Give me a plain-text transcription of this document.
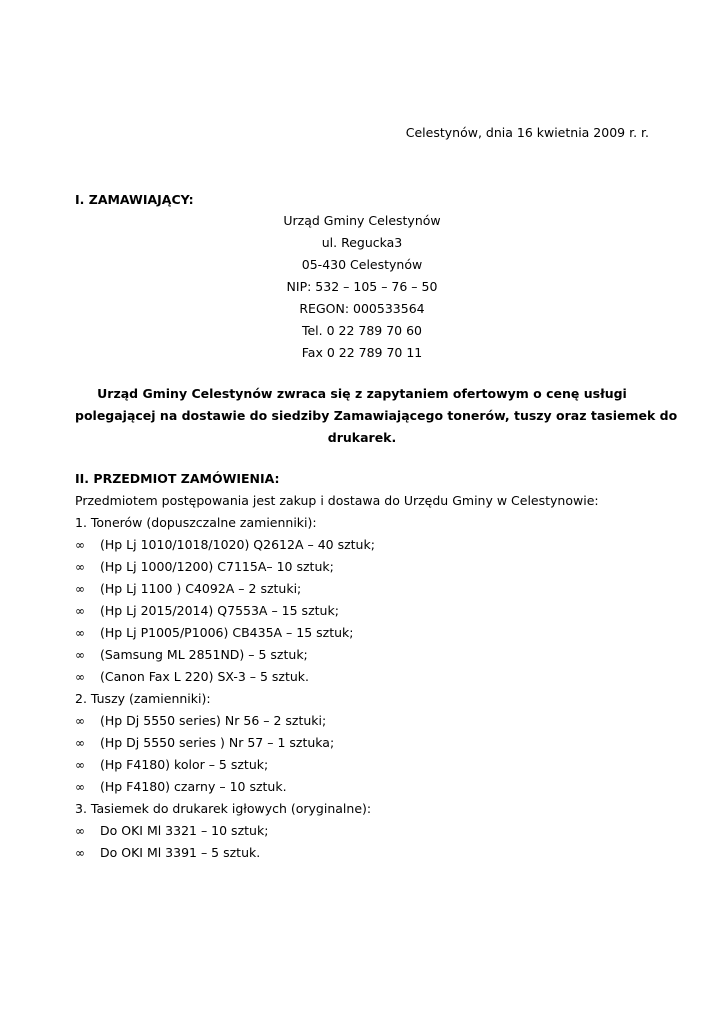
Celestynów, dnia 16 kwietnia 2009 r. r.
I. ZAMAWIAJĄCY:
Urząd Gminy Celestynów
ul. Regucka3
05-430 Celestynów
NIP: 532 – 105 – 76 – 50
REGON: 000533564
Tel. 0 22 789 70 60
Fax 0 22 789 70 11
Urząd Gminy Celestynów zwraca się z zapytaniem ofertowym o cenę usługi
polegającej na dostawie do siedziby Zamawiającego tonerów, tuszy oraz tasiemek do
drukarek.
II. PRZEDMIOT ZAMÓWIENIA:
Przedmiotem postępowania jest zakup i dostawa do Urzędu Gminy w Celestynowie:
1. Tonerów (dopuszczalne zamienniki):
∞ (Hp Lj 1010/1018/1020) Q2612A – 40 sztuk;
∞ (Hp Lj 1000/1200) C7115A– 10 sztuk;
∞ (Hp Lj 1100 ) C4092A – 2 sztuki;
∞ (Hp Lj 2015/2014) Q7553A – 15 sztuk;
∞ (Hp Lj P1005/P1006) CB435A – 15 sztuk;
∞ (Samsung ML 2851ND) – 5 sztuk;
∞ (Canon Fax L 220) SX-3 – 5 sztuk.
2. Tuszy (zamienniki):
∞ (Hp Dj 5550 series) Nr 56 – 2 sztuki;
∞ (Hp Dj 5550 series ) Nr 57 – 1 sztuka;
∞ (Hp F4180) kolor – 5 sztuk;
∞ (Hp F4180) czarny – 10 sztuk.
3. Tasiemek do drukarek igłowych (oryginalne):
∞ Do OKI Ml 3321 – 10 sztuk;
∞ Do OKI Ml 3391 – 5 sztuk.
